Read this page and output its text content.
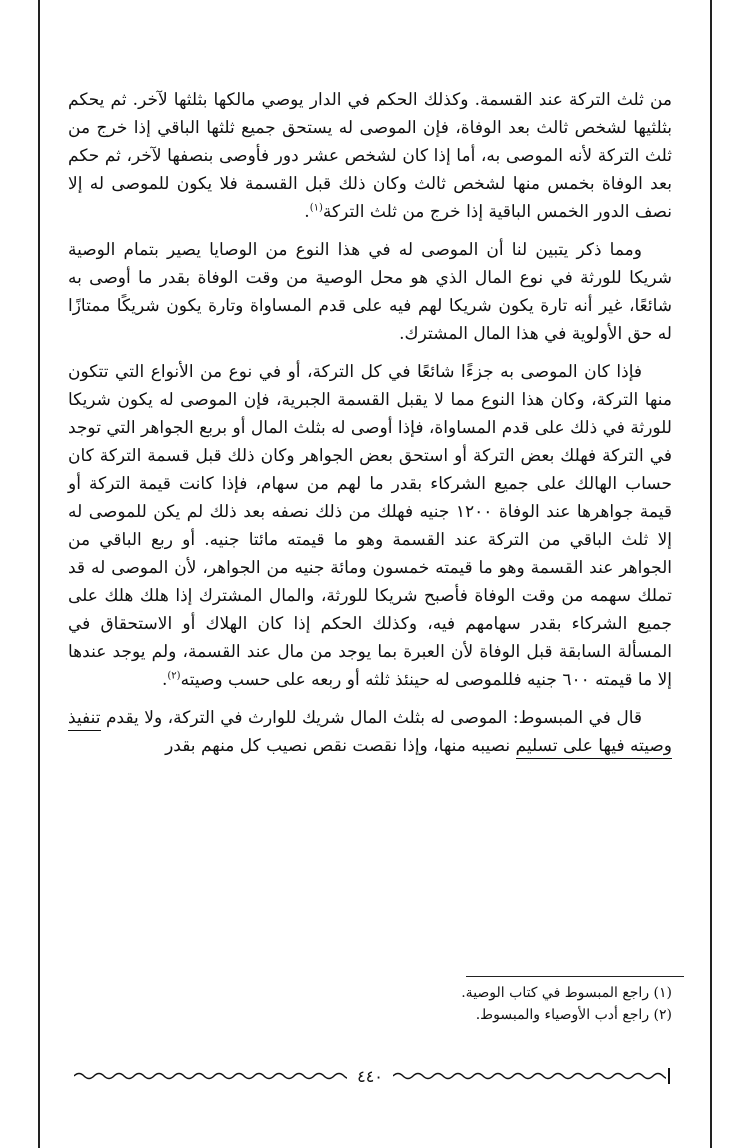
من ثلث التركة عند القسمة. وكذلك الحكم في الدار يوصي مالكها بثلثها لآخر. ثم يحكم بثلثيها لشخص ثالث بعد الوفاة، فإن الموصى له يستحق جميع ثلثها الباقي إذا خرج من ثلث التركة لأنه الموصى به، أما إذا كان لشخص عشر دور فأوصى بنصفها لآخر، ثم حكم بعد الوفاة بخمس منها لشخص ثالث وكان ذلك قبل القسمة فلا يكون للموصى له إلا نصف الدور الخمس الباقية إذا خرج من ثلث التركة$^{(١)}$.

ومما ذكر يتبين لنا أن الموصى له في هذا النوع من الوصايا يصير بتمام الوصية شريكا للورثة في نوع المال الذي هو محل الوصية من وقت الوفاة بقدر ما أوصى به شائعًا، غير أنه تارة يكون شريكا لهم فيه على قدم المساواة وتارة يكون شريكًا ممتازًا له حق الأولوية في هذا المال المشترك.

فإذا كان الموصى به جزءًا شائعًا في كل التركة، أو في نوع من الأنواع التي تتكون منها التركة، وكان هذا النوع مما لا يقبل القسمة الجبرية، فإن الموصى له يكون شريكا للورثة في ذلك على قدم المساواة، فإذا أوصى له بثلث المال أو بربع الجواهر التي توجد في التركة فهلك بعض التركة أو استحق بعض الجواهر وكان ذلك قبل قسمة التركة كان حساب الهالك على جميع الشركاء بقدر ما لهم من سهام، فإذا كانت قيمة التركة أو قيمة جواهرها عند الوفاة ١٢٠٠ جنيه فهلك من ذلك نصفه بعد ذلك لم يكن للموصى له إلا ثلث الباقي من التركة عند القسمة وهو ما قيمته مائتا جنيه. أو ربع الباقي من الجواهر عند القسمة وهو ما قيمته خمسون ومائة جنيه من الجواهر، لأن الموصى له قد تملك سهمه من وقت الوفاة فأصبح شريكا للورثة، والمال المشترك إذا هلك هلك على جميع الشركاء بقدر سهامهم فيه، وكذلك الحكم إذا كان الهلاك أو الاستحقاق في المسألة السابقة قبل الوفاة لأن العبرة بما يوجد من مال عند القسمة، ولم يوجد عندها إلا ما قيمته ٦٠٠ جنيه فللموصى له حينئذ ثلثه أو ربعه على حسب وصيته$^{(٢)}$.

قال في المبسوط: الموصى له بثلث المال شريك للوارث في التركة، ولا يقدم تنفيذ وصيته فيها على تسليم نصيبه منها، وإذا نقصت نقص نصيب كل منهم بقدر

(١) راجع المبسوط في كتاب الوصية.
(٢) راجع أدب الأوصياء والمبسوط.
٤٤٠
